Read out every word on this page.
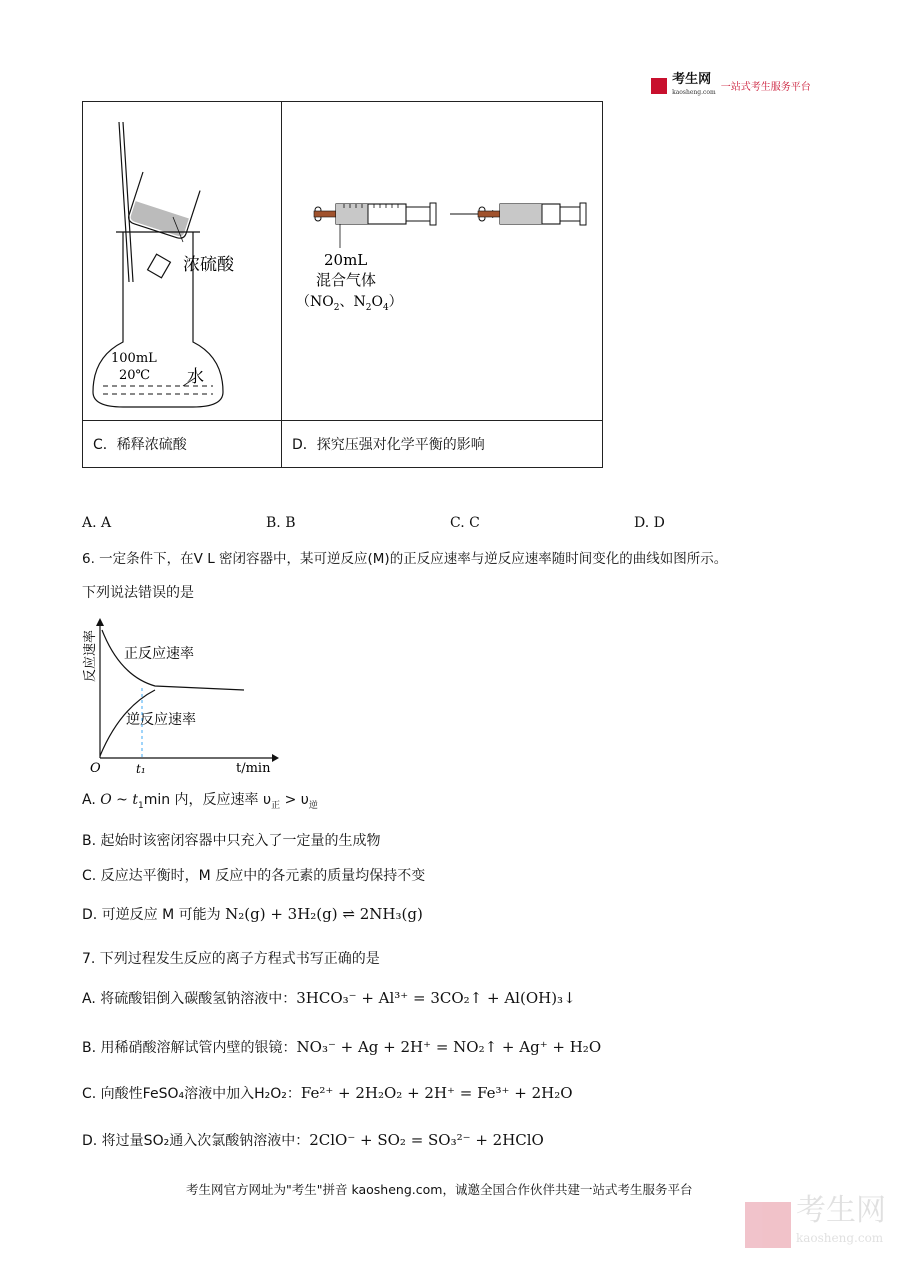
考生网
kaosheng.com 一站式考生服务平台
浓硫酸
100mL
20℃ 水	20mL
混合气体
（$NO_2$、$N_2O_4$）

C．稀释浓硫酸	D．探究压强对化学平衡的影响
A. A	B. B	C. C	D. D
6. 一定条件下，在V L 密闭容器中，某可逆反应(M)的正反应速率与逆反应速率随时间变化的曲线如图所示。
下列说法错误的是
正反应速率
逆反应速率
O	t₁	t/min
反应速率
A. O ~ $t_1\min$ 内，反应速率 $\upsilon_正 > \upsilon_逆$
B. 起始时该密闭容器中只充入了一定量的生成物
C. 反应达平衡时，M 反应中的各元素的质量均保持不变
D. 可逆反应 M 可能为 N₂(g) + 3H₂(g) ⇌ 2NH₃(g)
7. 下列过程发生反应的离子方程式书写正确的是
A. 将硫酸铝倒入碳酸氢钠溶液中：3HCO₃⁻ + Al³⁺ = 3CO₂↑ + Al(OH)₃↓
B. 用稀硝酸溶解试管内壁的银镜：NO₃⁻ + Ag + 2H⁺ = NO₂↑ + Ag⁺ + H₂O
C. 向酸性FeSO₄溶液中加入H₂O₂：Fe²⁺ + 2H₂O₂ + 2H⁺ = Fe³⁺ + 2H₂O
D. 将过量SO₂通入次氯酸钠溶液中：2ClO⁻ + SO₂ = SO₃²⁻ + 2HClO
考生网官方网址为"考生"拼音 kaosheng.com，诚邀全国合作伙伴共建一站式考生服务平台
考生网
kaosheng.com
